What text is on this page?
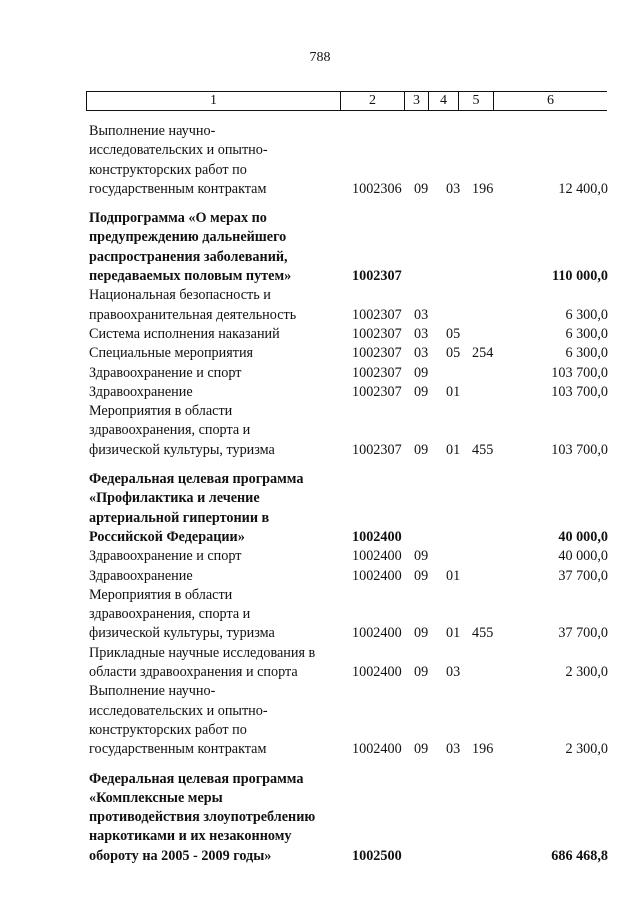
788
1	2	3	4	5	6
Выполнение научно-
исследовательских и опытно-
конструкторских работ по
государственным контрактам	1002306 09 03 196	12 400,0
Подпрограмма «О мерах по
предупреждению дальнейшего
распространения заболеваний,
передаваемых половым путем»	1002307	110 000,0
Национальная безопасность и
правоохранительная деятельность	1002307 03	6 300,0
Система исполнения наказаний	1002307 03 05	6 300,0
Специальные мероприятия	1002307 03 05 254	6 300,0
Здравоохранение и спорт	1002307 09	103 700,0
Здравоохранение	1002307 09 01	103 700,0
Мероприятия в области
здравоохранения, спорта и
физической культуры, туризма	1002307 09 01 455	103 700,0
Федеральная целевая программа
«Профилактика и лечение
артериальной гипертонии в
Российской Федерации»	1002400	40 000,0
Здравоохранение и спорт	1002400 09	40 000,0
Здравоохранение	1002400 09 01	37 700,0
Мероприятия в области
здравоохранения, спорта и
физической культуры, туризма	1002400 09 01 455	37 700,0
Прикладные научные исследования в
области здравоохранения и спорта	1002400 09 03	2 300,0
Выполнение научно-
исследовательских и опытно-
конструкторских работ по
государственным контрактам	1002400 09 03 196	2 300,0
Федеральная целевая программа
«Комплексные меры
противодействия злоупотреблению
наркотиками и их незаконному
обороту на 2005 - 2009 годы»	1002500	686 468,8
